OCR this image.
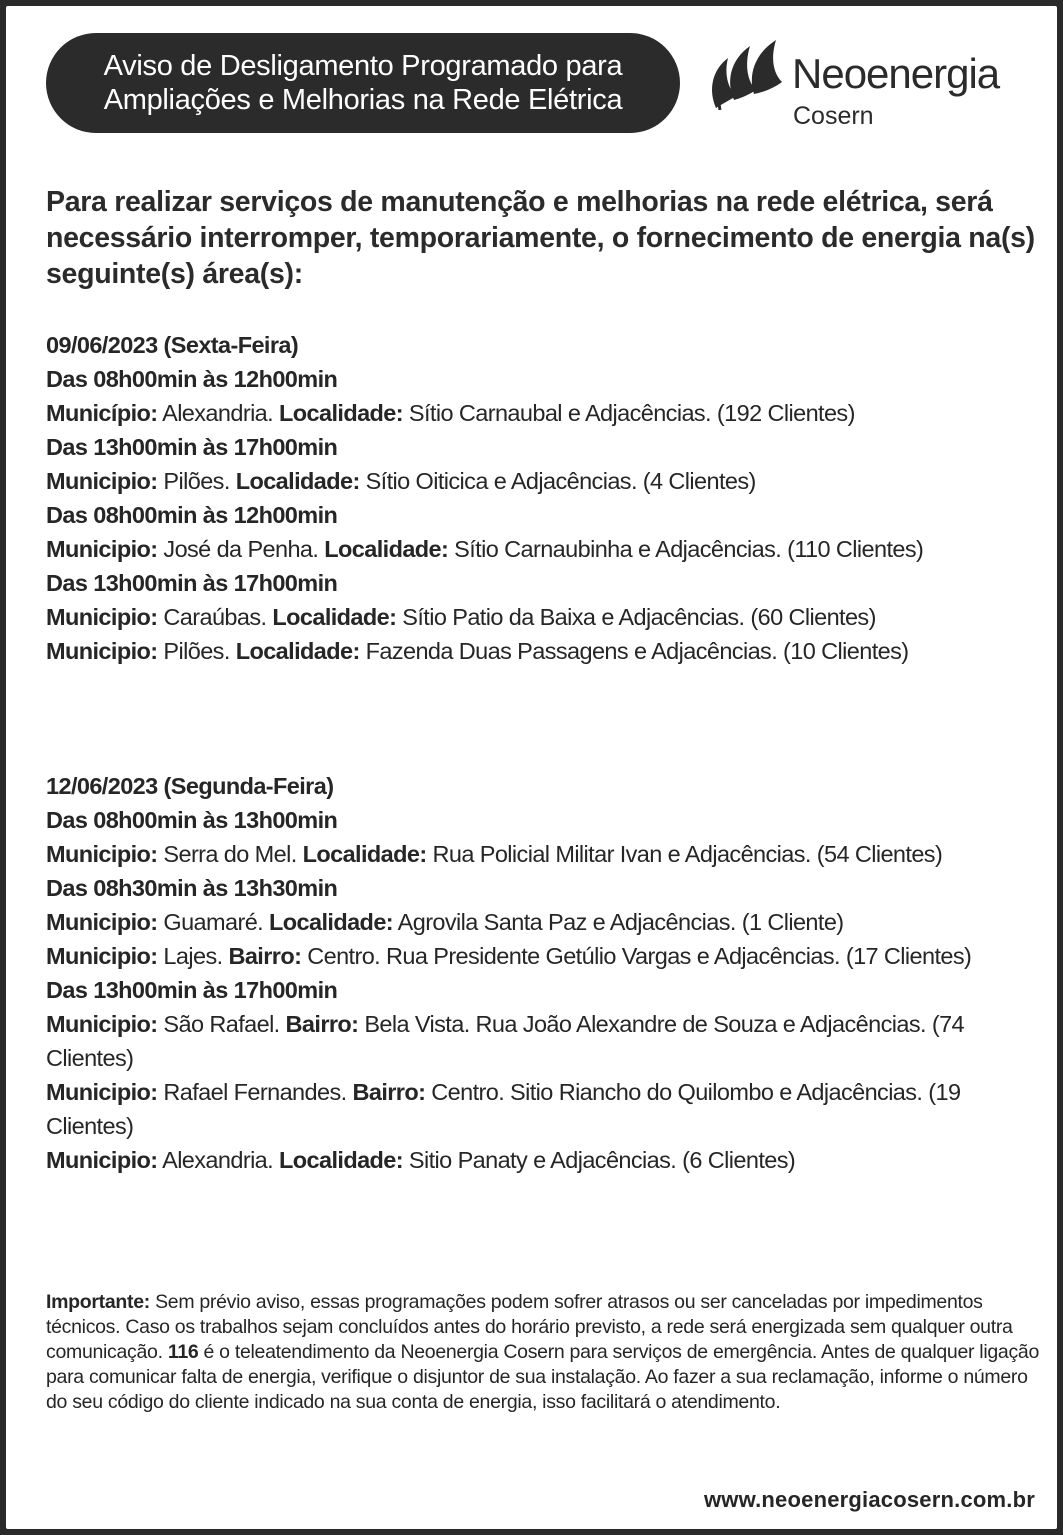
Aviso de Desligamento Programado para
Ampliações e Melhorias na Rede Elétrica
Neoenergia
Cosern
Para realizar serviços de manutenção e melhorias na rede elétrica, será necessário interromper, temporariamente, o fornecimento de energia na(s) seguinte(s) área(s):
09/06/2023 (Sexta-Feira)
Das 08h00min às 12h00min
Município: Alexandria. Localidade: Sítio Carnaubal e Adjacências. (192 Clientes)
Das 13h00min às 17h00min
Municipio: Pilões. Localidade: Sítio Oiticica e Adjacências. (4 Clientes)
Das 08h00min às 12h00min
Municipio: José da Penha. Localidade: Sítio Carnaubinha e Adjacências. (110 Clientes)
Das 13h00min às 17h00min
Municipio: Caraúbas. Localidade: Sítio Patio da Baixa e Adjacências. (60 Clientes)
Municipio: Pilões. Localidade: Fazenda Duas Passagens e Adjacências. (10 Clientes)
12/06/2023 (Segunda-Feira)
Das 08h00min às 13h00min
Municipio: Serra do Mel. Localidade: Rua Policial Militar Ivan e Adjacências. (54 Clientes)
Das 08h30min às 13h30min
Municipio: Guamaré. Localidade: Agrovila Santa Paz e Adjacências. (1 Cliente)
Municipio: Lajes. Bairro: Centro. Rua Presidente Getúlio Vargas e Adjacências. (17 Clientes)
Das 13h00min às 17h00min
Municipio: São Rafael. Bairro: Bela Vista. Rua João Alexandre de Souza e Adjacências. (74 Clientes)
Municipio: Rafael Fernandes. Bairro: Centro. Sitio Riancho do Quilombo e Adjacências. (19 Clientes)
Municipio: Alexandria. Localidade: Sitio Panaty e Adjacências. (6 Clientes)
Importante: Sem prévio aviso, essas programações podem sofrer atrasos ou ser canceladas por impedimentos técnicos. Caso os trabalhos sejam concluídos antes do horário previsto, a rede será energizada sem qualquer outra comunicação. 116 é o teleatendimento da Neoenergia Cosern para serviços de emergência. Antes de qualquer ligação para comunicar falta de energia, verifique o disjuntor de sua instalação. Ao fazer a sua reclamação, informe o número do seu código do cliente indicado na sua conta de energia, isso facilitará o atendimento.
www.neoenergiacosern.com.br
